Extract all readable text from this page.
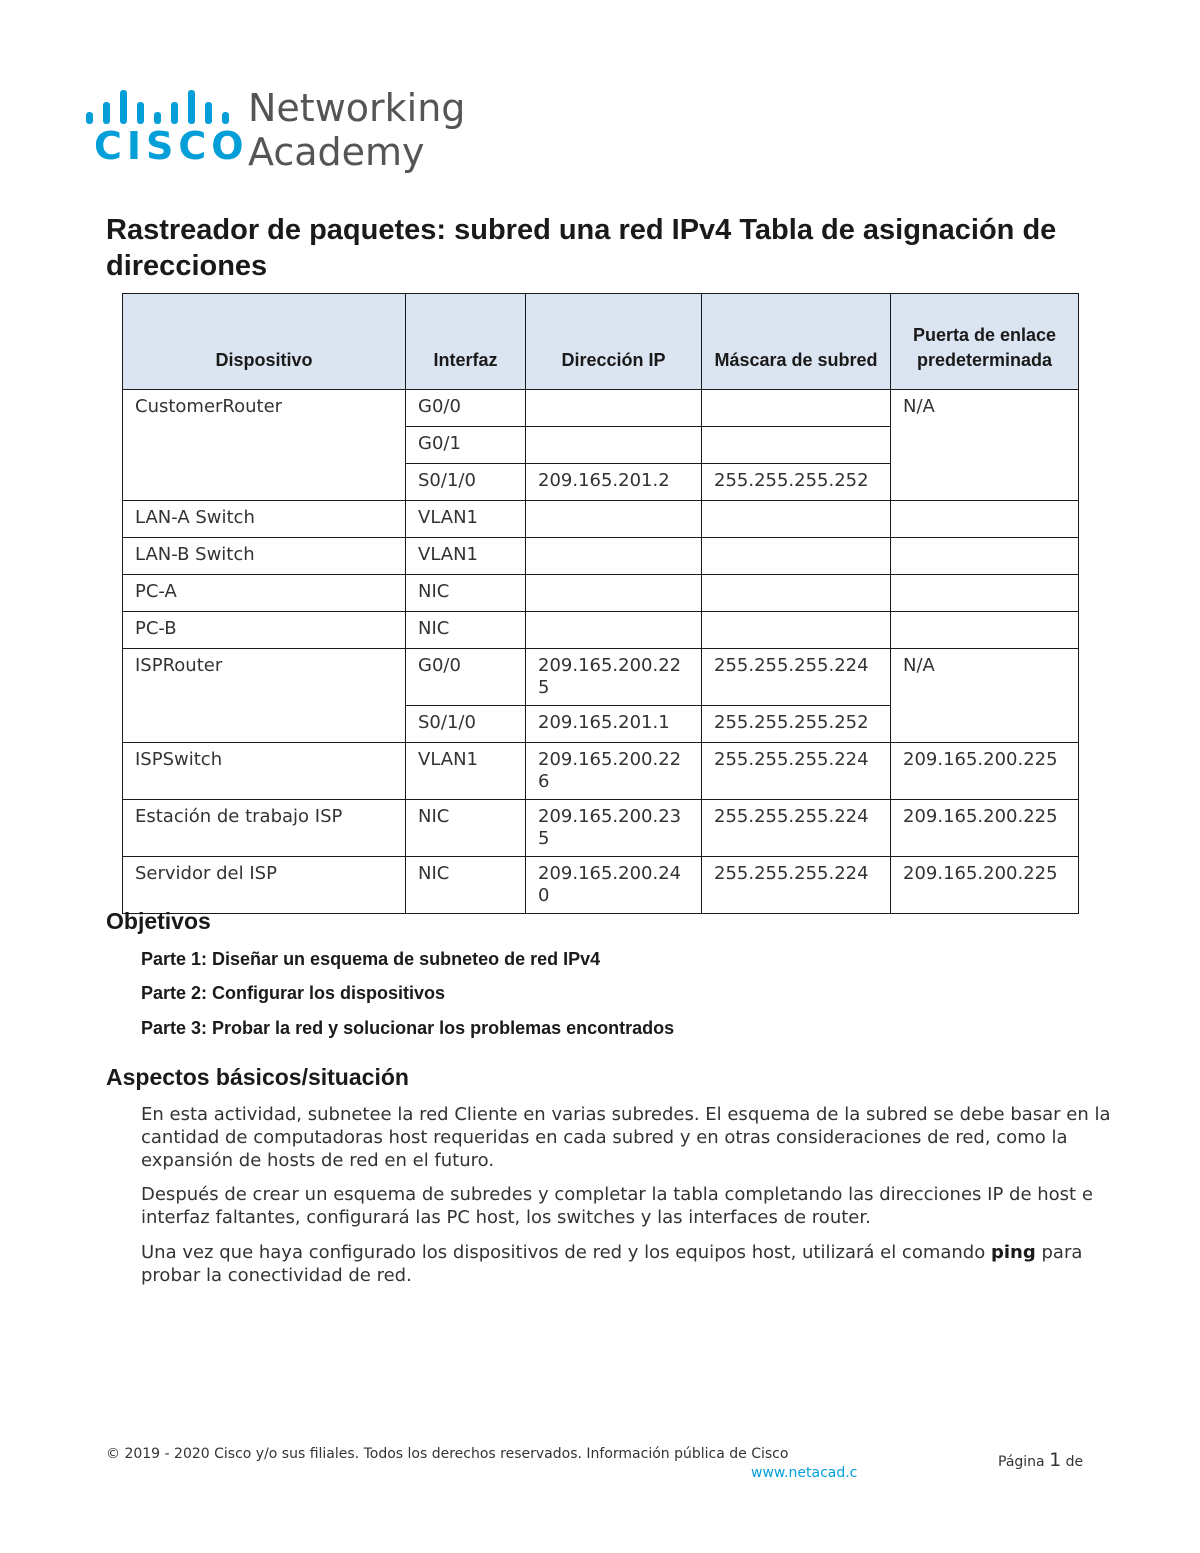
CISCO
Networking
Academy
Rastreador de paquetes: subred una red IPv4 Tabla de asignación de direcciones
Dispositivo	Interfaz	Dirección IP	Máscara de subred	Puerta de enlace predeterminada
CustomerRouter	G0/0			N/A
	G0/1			
	S0/1/0	209.165.201.2	255.255.255.252	
LAN-A Switch	VLAN1			
LAN-B Switch	VLAN1			
PC-A	NIC			
PC-B	NIC			
ISPRouter	G0/0	209.165.200.225	255.255.255.224	N/A
	S0/1/0	209.165.201.1	255.255.255.252	
ISPSwitch	VLAN1	209.165.200.226	255.255.255.224	209.165.200.225
Estación de trabajo ISP	NIC	209.165.200.235	255.255.255.224	209.165.200.225
Servidor del ISP	NIC	209.165.200.240	255.255.255.224	209.165.200.225
Objetivos

Parte 1: Diseñar un esquema de subneteo de red IPv4

Parte 2: Configurar los dispositivos

Parte 3: Probar la red y solucionar los problemas encontrados

Aspectos básicos/situación

En esta actividad, subnetee la red Cliente en varias subredes. El esquema de la subred se debe basar en la cantidad de computadoras host requeridas en cada subred y en otras consideraciones de red, como la expansión de hosts de red en el futuro.

Después de crear un esquema de subredes y completar la tabla completando las direcciones IP de host e interfaz faltantes, configurará las PC host, los switches y las interfaces de router.

Una vez que haya configurado los dispositivos de red y los equipos host, utilizará el comando ping para probar la conectividad de red.

© 2019 - 2020 Cisco y/o sus filiales. Todos los derechos reservados. Información pública de Cisco
www.netacad.c
Página 1 de
